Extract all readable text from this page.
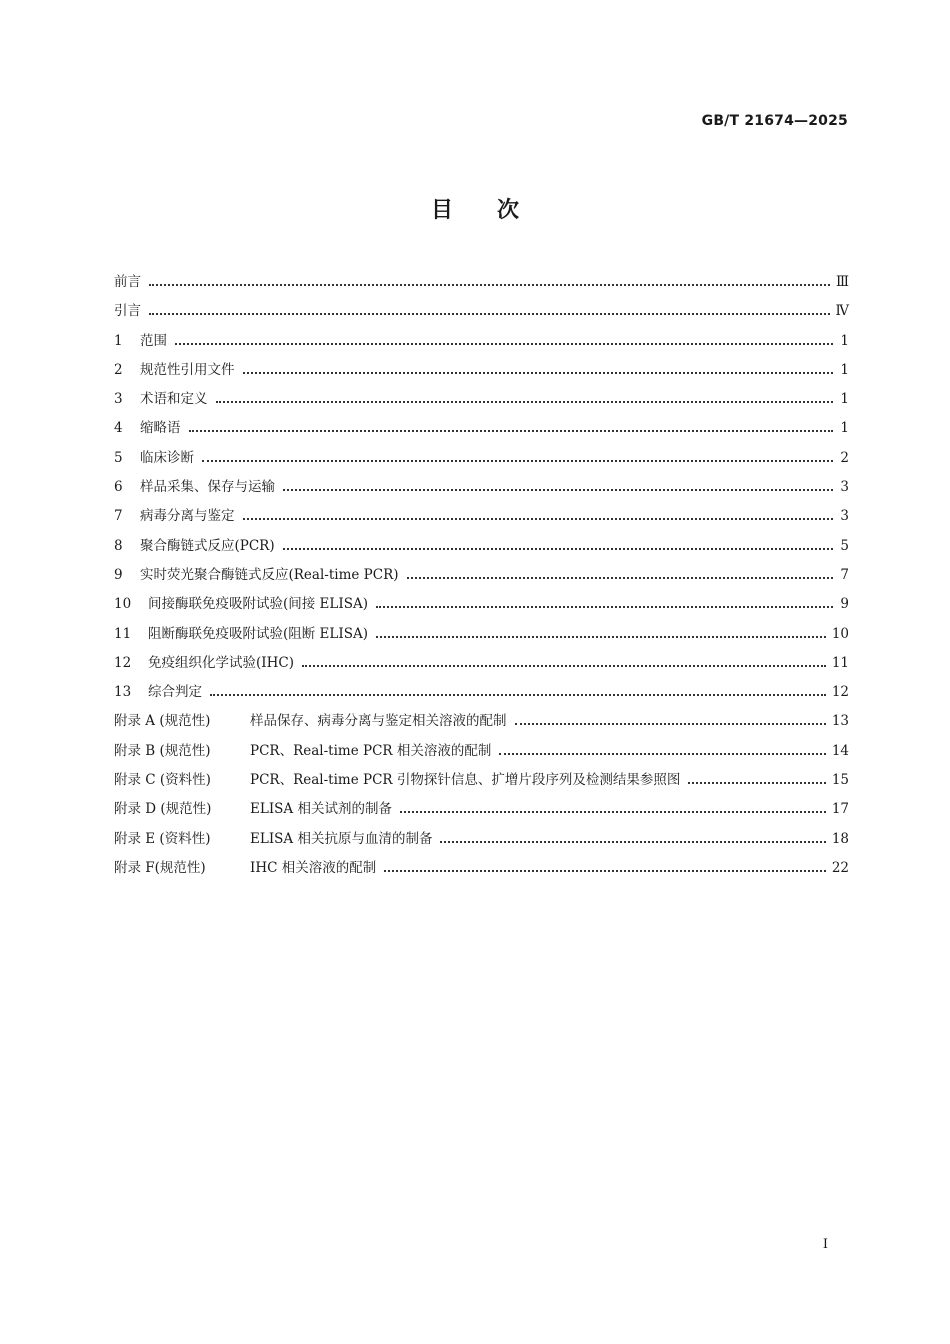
GB/T 21674—2025
目次
前言	Ⅲ
引言	Ⅳ
1 范围	1
2 规范性引用文件	1
3 术语和定义	1
4 缩略语	1
5 临床诊断	2
6 样品采集、保存与运输	3
7 病毒分离与鉴定	3
8 聚合酶链式反应(PCR)	5
9 实时荧光聚合酶链式反应(Real-time PCR)	7
10 间接酶联免疫吸附试验(间接 ELISA)	9
11 阻断酶联免疫吸附试验(阻断 ELISA)	10
12 免疫组织化学试验(IHC)	11
13 综合判定	12
附录 A (规范性)	样品保存、病毒分离与鉴定相关溶液的配制	13
附录 B (规范性)	PCR、Real-time PCR 相关溶液的配制	14
附录 C (资料性)	PCR、Real-time PCR 引物探针信息、扩增片段序列及检测结果参照图	15
附录 D (规范性)	ELISA 相关试剂的制备	17
附录 E (资料性)	ELISA 相关抗原与血清的制备	18
附录 F(规范性)	IHC 相关溶液的配制	22
I
